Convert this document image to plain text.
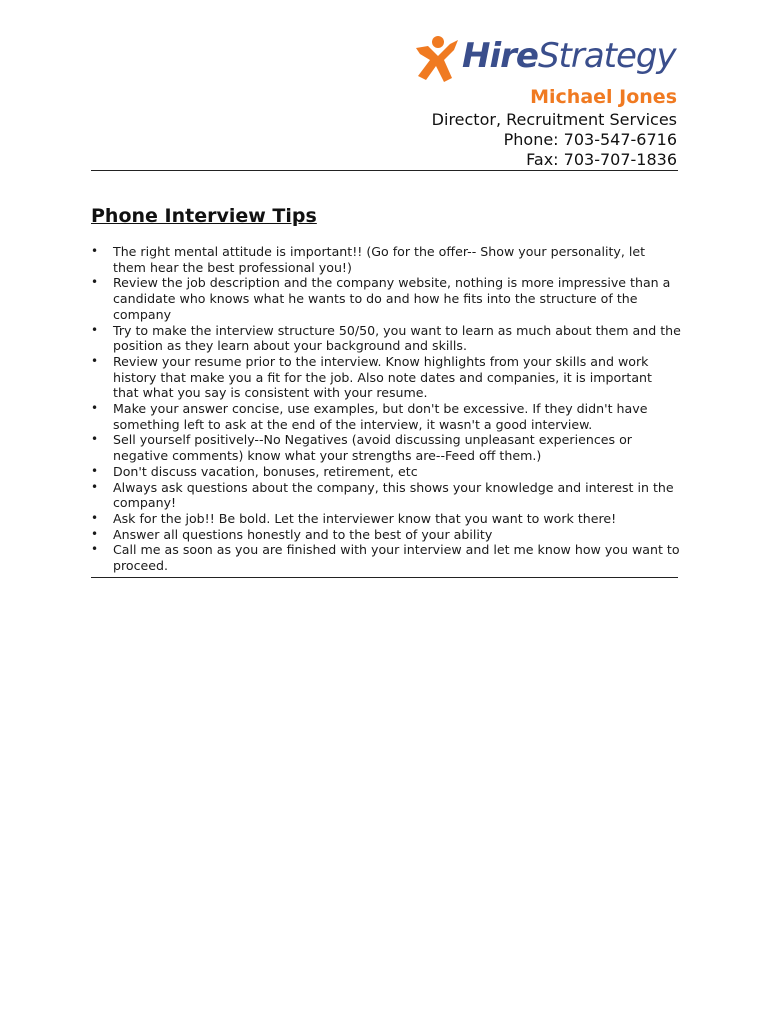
HireStrategy
Michael Jones
Director, Recruitment Services
Phone: 703-547-6716
Fax: 703-707-1836
Phone Interview Tips
• The right mental attitude is important!! (Go for the offer-- Show your personality, let them hear the best professional you!)
• Review the job description and the company website, nothing is more impressive than a candidate who knows what he wants to do and how he fits into the structure of the company
• Try to make the interview structure 50/50, you want to learn as much about them and the position as they learn about your background and skills.
• Review your resume prior to the interview. Know highlights from your skills and work history that make you a fit for the job. Also note dates and companies, it is important that what you say is consistent with your resume.
• Make your answer concise, use examples, but don't be excessive. If they didn't have something left to ask at the end of the interview, it wasn't a good interview.
• Sell yourself positively--No Negatives (avoid discussing unpleasant experiences or negative comments) know what your strengths are--Feed off them.)
• Don't discuss vacation, bonuses, retirement, etc
• Always ask questions about the company, this shows your knowledge and interest in the company!
• Ask for the job!! Be bold. Let the interviewer know that you want to work there!
• Answer all questions honestly and to the best of your ability
• Call me as soon as you are finished with your interview and let me know how you want to proceed.
